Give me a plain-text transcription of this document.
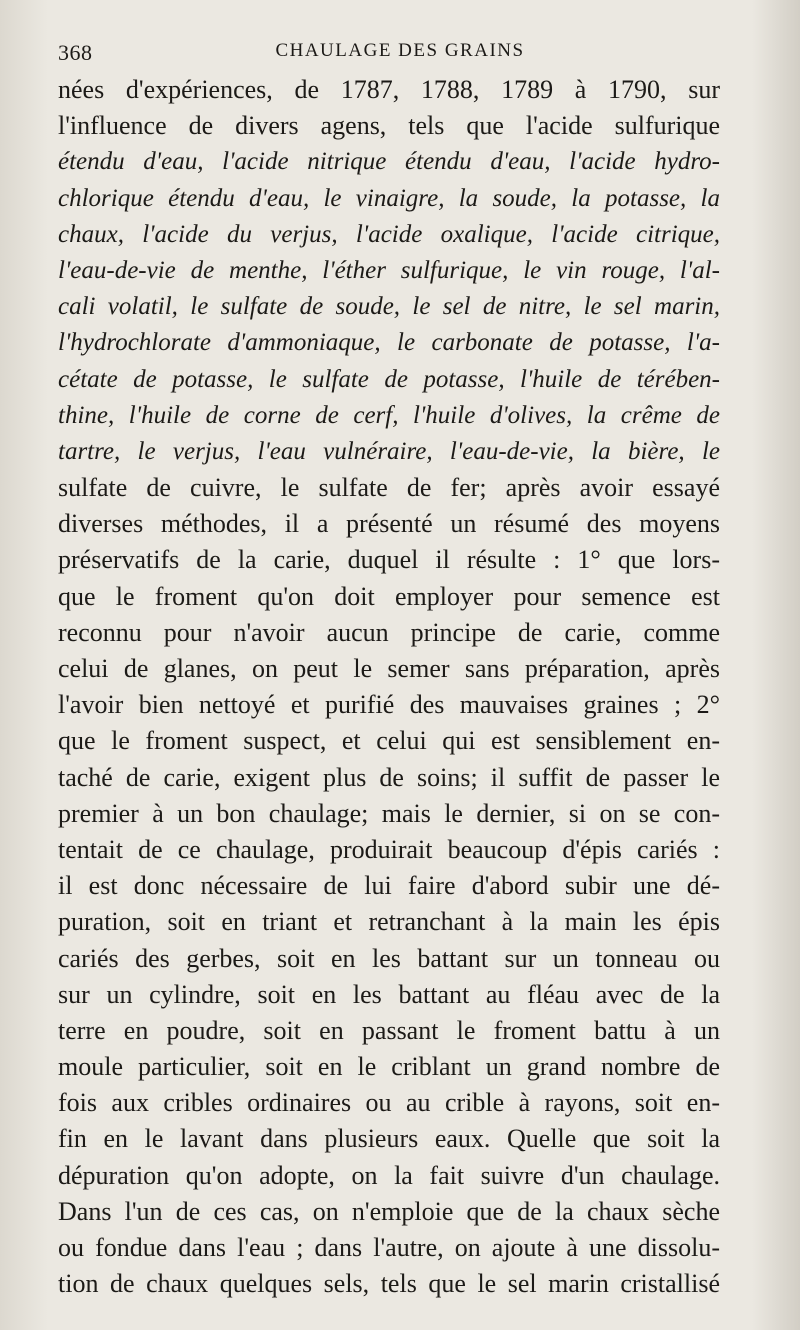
368	CHAULAGE DES GRAINS
nées d'expériences, de 1787, 1788, 1789 à 1790, sur
l'influence de divers agens, tels que l'acide sulfurique
étendu d'eau, l'acide nitrique étendu d'eau, l'acide hydro-
chlorique étendu d'eau, le vinaigre, la soude, la potasse, la
chaux, l'acide du verjus, l'acide oxalique, l'acide citrique,
l'eau-de-vie de menthe, l'éther sulfurique, le vin rouge, l'al-
cali volatil, le sulfate de soude, le sel de nitre, le sel marin,
l'hydrochlorate d'ammoniaque, le carbonate de potasse, l'a-
cétate de potasse, le sulfate de potasse, l'huile de térében-
thine, l'huile de corne de cerf, l'huile d'olives, la crême de
tartre, le verjus, l'eau vulnéraire, l'eau-de-vie, la bière, le
sulfate de cuivre, le sulfate de fer; après avoir essayé
diverses méthodes, il a présenté un résumé des moyens
préservatifs de la carie, duquel il résulte : 1° que lors-
que le froment qu'on doit employer pour semence est
reconnu pour n'avoir aucun principe de carie, comme
celui de glanes, on peut le semer sans préparation, après
l'avoir bien nettoyé et purifié des mauvaises graines ; 2°
que le froment suspect, et celui qui est sensiblement en-
taché de carie, exigent plus de soins; il suffit de passer le
premier à un bon chaulage; mais le dernier, si on se con-
tentait de ce chaulage, produirait beaucoup d'épis cariés :
il est donc nécessaire de lui faire d'abord subir une dé-
puration, soit en triant et retranchant à la main les épis
cariés des gerbes, soit en les battant sur un tonneau ou
sur un cylindre, soit en les battant au fléau avec de la
terre en poudre, soit en passant le froment battu à un
moule particulier, soit en le criblant un grand nombre de
fois aux cribles ordinaires ou au crible à rayons, soit en-
fin en le lavant dans plusieurs eaux. Quelle que soit la
dépuration qu'on adopte, on la fait suivre d'un chaulage.
Dans l'un de ces cas, on n'emploie que de la chaux sèche
ou fondue dans l'eau ; dans l'autre, on ajoute à une dissolu-
tion de chaux quelques sels, tels que le sel marin cristallisé
